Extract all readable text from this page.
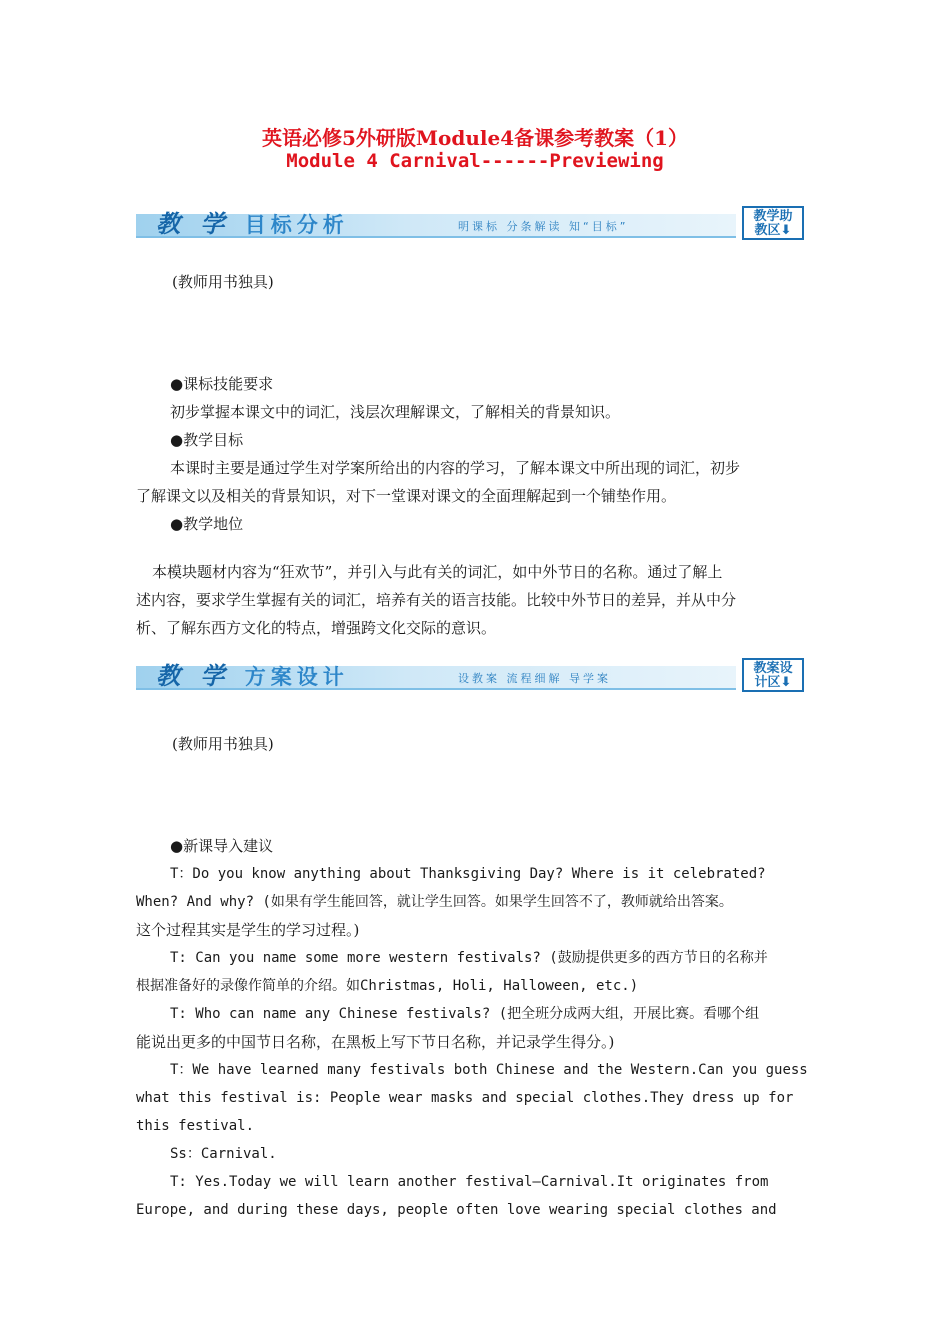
英语必修5外研版Module4备课参考教案（1）
Module 4 Carnival------Previewing
教 学 目标分析	明课标 分条解读 知“目标”
教学助
教区⬇
(教师用书独具)
●课标技能要求
初步掌握本课文中的词汇，浅层次理解课文，了解相关的背景知识。
●教学目标
本课时主要是通过学生对学案所给出的内容的学习，了解本课文中所出现的词汇，初步
了解课文以及相关的背景知识，对下一堂课对课文的全面理解起到一个铺垫作用。
●教学地位
本模块题材内容为“狂欢节”，并引入与此有关的词汇，如中外节日的名称。通过了解上
述内容，要求学生掌握有关的词汇，培养有关的语言技能。比较中外节日的差异，并从中分
析、了解东西方文化的特点，增强跨文化交际的意识。
教 学 方案设计	设教案 流程细解 导学案
教案设
计区⬇
(教师用书独具)
●新课导入建议
T：Do you know anything about Thanksgiving Day? Where is it celebrated?
When? And why? (如果有学生能回答，就让学生回答。如果学生回答不了，教师就给出答案。
这个过程其实是学生的学习过程。)
T: Can you name some more western festivals? (鼓励提供更多的西方节日的名称并
根据准备好的录像作简单的介绍。如Christmas, Holi, Halloween, etc.)
T: Who can name any Chinese festivals? (把全班分成两大组，开展比赛。看哪个组
能说出更多的中国节日名称，在黑板上写下节日名称，并记录学生得分。)
T：We have learned many festivals both Chinese and the Western.Can you guess
what this festival is: People wear masks and special clothes.They dress up for
this festival.
Ss：Carnival.
T: Yes.Today we will learn another festival—Carnival.It originates from
Europe, and during these days, people often love wearing special clothes and
